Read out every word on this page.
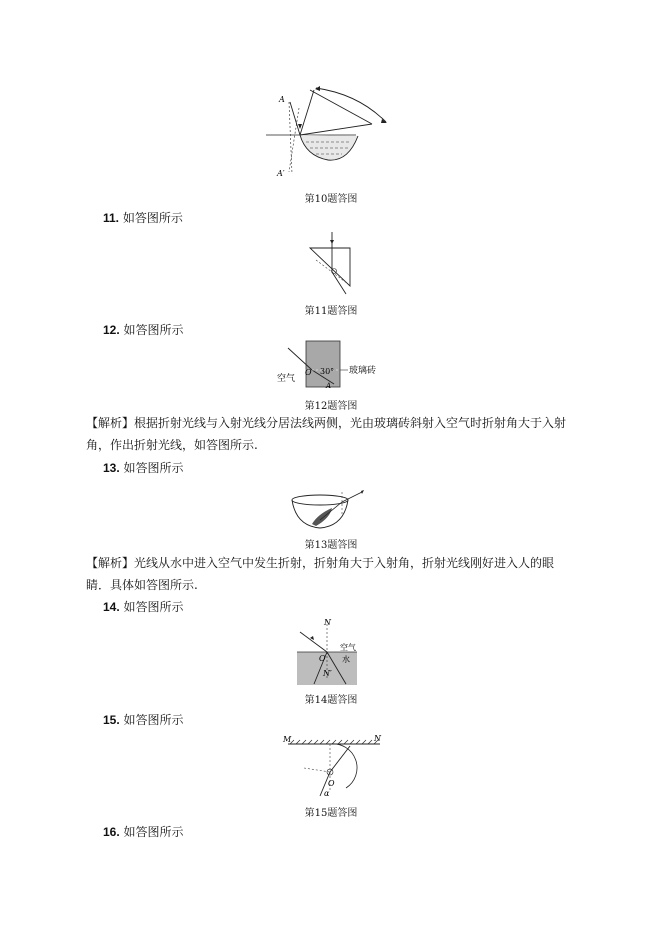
A
A′
第10题答图
11. 如答图所示
第11题答图
12. 如答图所示
空气
O 30°
A
玻璃砖
第12题答图
【解析】根据折射光线与入射光线分居法线两侧，光由玻璃砖斜射入空气时折射角大于入射角，作出折射光线，如答图所示.
13. 如答图所示
第13题答图
【解析】光线从水中进入空气中发生折射，折射角大于入射角，折射光线刚好进入人的眼睛．具体如答图所示.
14. 如答图所示
N
O
N′
空气
水
第14题答图
15. 如答图所示
M	N
O
α
第15题答图
16. 如答图所示
